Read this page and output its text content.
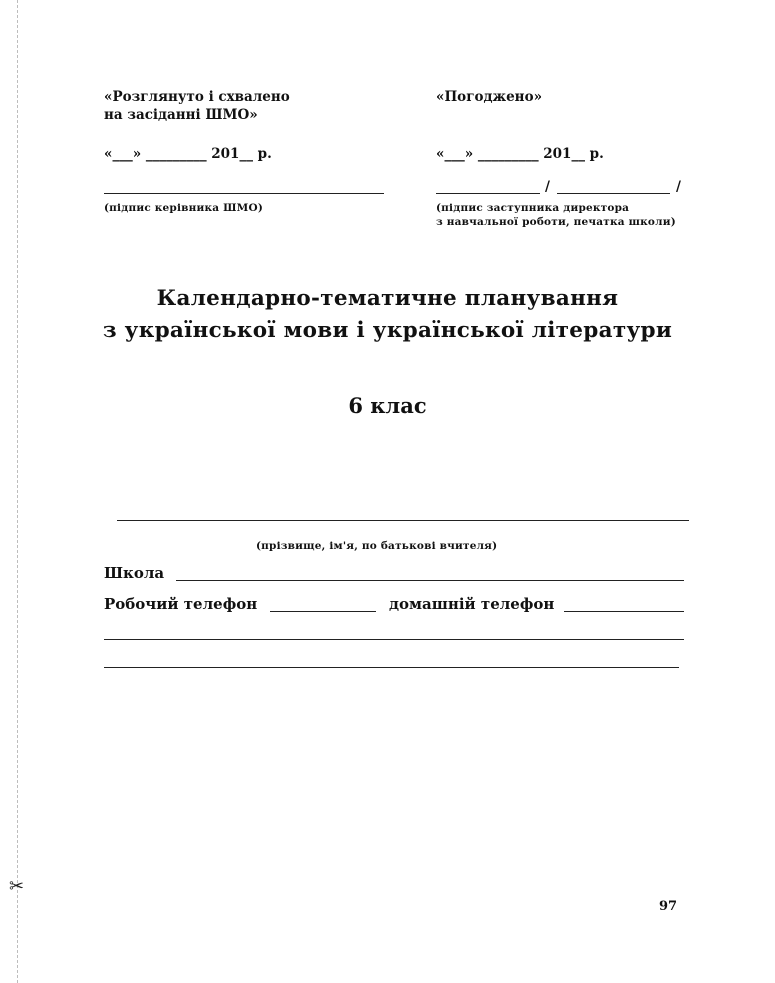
✂
«Розглянуто і схвалено
на засіданні ШМО»
«___» _________ 201__ р.
(підпис керівника ШМО)
«Погоджено»
«___» _________ 201__ р.
/	/
(підпис заступника директора
з навчальної роботи, печатка школи)
Календарно-тематичне планування
з української мови і української літератури
6 клас
(прізвище, ім'я, по батькові вчителя)
Школа
Робочий телефон	домашній телефон
97
